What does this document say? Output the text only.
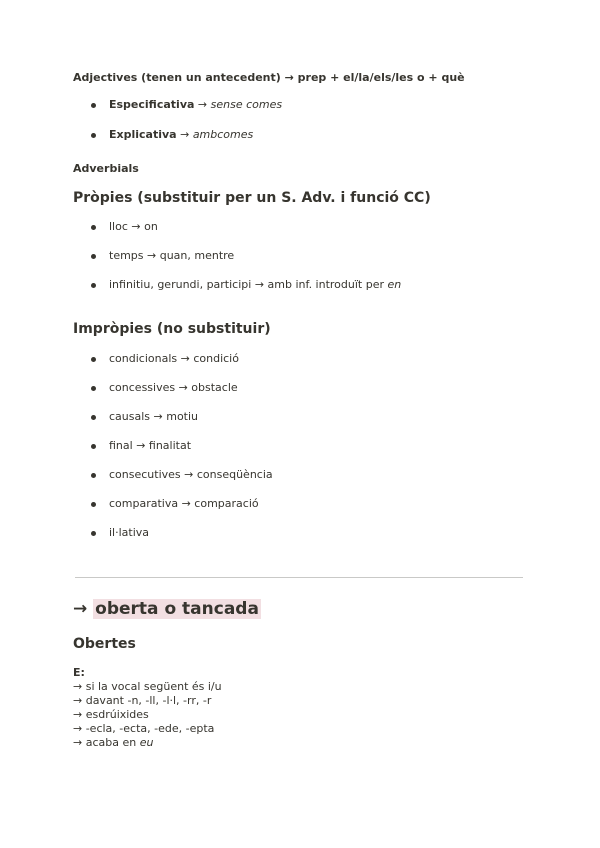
Adjectives (tenen un antecedent) → prep + el/la/els/les o + què
Especificativa → sense comes
Explicativa → ambcomes
Adverbials
Pròpies (substituir per un S. Adv. i funció CC)
lloc → on
temps → quan, mentre
infinitiu, gerundi, participi → amb inf. introduït per en
Impròpies (no substituir)
condicionals → condició
concessives → obstacle
causals → motiu
final → finalitat
consecutives → conseqüència
comparativa → comparació
il·lativa
→ oberta o tancada
Obertes
E:
→ si la vocal següent és i/u
→ davant -n, -ll, -l·l, -rr, -r
→ esdrúixides
→ -ecla, -ecta, -ede, -epta
→ acaba en eu
